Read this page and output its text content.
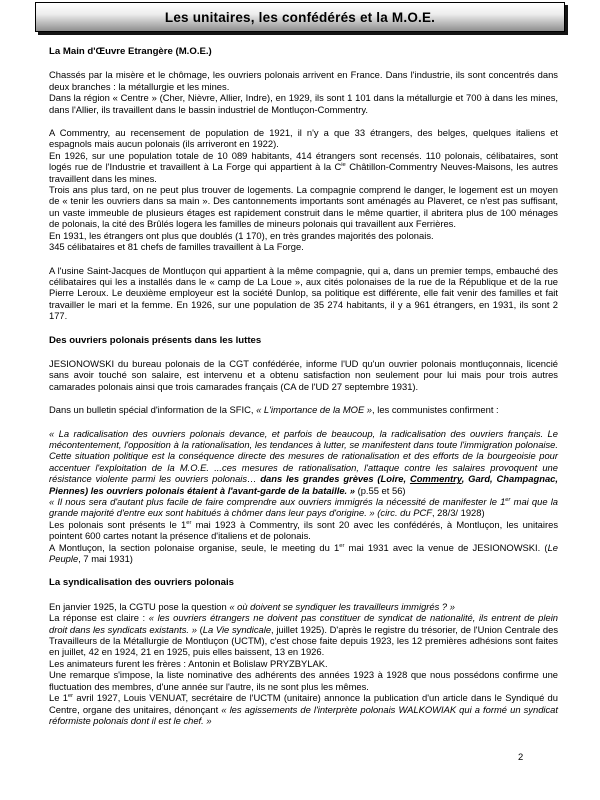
Les unitaires, les confédérés et la M.O.E.
La Main d'Œuvre Etrangère (M.O.E.)
Chassés par la misère et le chômage, les ouvriers polonais arrivent en France. Dans l'industrie, ils sont concentrés dans deux branches : la métallurgie et les mines.
Dans la région « Centre » (Cher, Nièvre, Allier, Indre), en 1929, ils sont 1 101 dans la métallurgie et 700 à dans les mines, dans l'Allier, ils travaillent dans le bassin industriel de Montluçon-Commentry.
A Commentry, au recensement de population de 1921, il n'y a que 33 étrangers, des belges, quelques italiens et espagnols mais aucun polonais (ils arriveront en 1922).
En 1926, sur une population totale de 10 089 habitants, 414 étrangers sont recensés. 110 polonais, célibataires, sont logés rue de l'Industrie et travaillent à La Forge qui appartient à la $C^{ie}$ Châtillon-Commentry Neuves-Maisons, les autres travaillent dans les mines.
Trois ans plus tard, on ne peut plus trouver de logements. La compagnie comprend le danger, le logement est un moyen de « tenir les ouvriers dans sa main ». Des cantonnements importants sont aménagés au Plaveret, ce n'est pas suffisant, un vaste immeuble de plusieurs étages est rapidement construit dans le même quartier, il abritera plus de 100 ménages de polonais, la cité des Brûlés logera les familles de mineurs polonais qui travaillent aux Ferrières.
En 1931, les étrangers ont plus que doublés (1 170), en très grandes majorités des polonais.
345 célibataires et 81 chefs de familles travaillent à La Forge.
A l'usine Saint-Jacques de Montluçon qui appartient à la même compagnie, qui a, dans un premier temps, embauché des célibataires qui les a installés dans le « camp de La Loue », aux cités polonaises de la rue de la République et de la rue Pierre Leroux. Le deuxième employeur est la société Dunlop, sa politique est différente, elle fait venir des familles et fait travailler le mari et la femme. En 1926, sur une population de 35 274 habitants, il y a 961 étrangers, en 1931, ils sont 2 177.
Des ouvriers polonais présents dans les luttes
JESIONOWSKI du bureau polonais de la CGT confédérée, informe l'UD qu'un ouvrier polonais montluçonnais, licencié sans avoir touché son salaire, est intervenu et a obtenu satisfaction non seulement pour lui mais pour trois autres camarades polonais ainsi que trois camarades français (CA de l'UD 27 septembre 1931).
Dans un bulletin spécial d'information de la SFIC, « L'importance de la MOE », les communistes confirment :
« La radicalisation des ouvriers polonais devance, et parfois de beaucoup, la radicalisation des ouvriers français. Le mécontentement, l'opposition à la rationalisation, les tendances à lutter, se manifestent dans toute l'immigration polonaise. Cette situation politique est la conséquence directe des mesures de rationalisation et des efforts de la bourgeoisie pour accentuer l'exploitation de la M.O.E. ...ces mesures de rationalisation, l'attaque contre les salaires provoquent une résistance violente parmi les ouvriers polonais… dans les grandes grèves (Loire, Commentry, Gard, Champagnac, Piennes) les ouvriers polonais étaient à l'avant-garde de la bataille. » (p.55 et 56)
« Il nous sera d'autant plus facile de faire comprendre aux ouvriers immigrés la nécessité de manifester le 1er mai que la grande majorité d'entre eux sont habitués à chômer dans leur pays d'origine. » (circ. du PCF, 28/3/ 1928)
Les polonais sont présents le 1er mai 1923 à Commentry, ils sont 20 avec les confédérés, à Montluçon, les unitaires pointent 600 cartes notant la présence d'italiens et de polonais.
A Montluçon, la section polonaise organise, seule, le meeting du 1er mai 1931 avec la venue de JESIONOWSKI. (Le Peuple, 7 mai 1931)
La syndicalisation des ouvriers polonais
En janvier 1925, la CGTU pose la question « où doivent se syndiquer les travailleurs immigrés ? »
La réponse est claire : « les ouvriers étrangers ne doivent pas constituer de syndicat de nationalité, ils entrent de plein droit dans les syndicats existants. » (La Vie syndicale, juillet 1925). D'après le registre du trésorier, de l'Union Centrale des Travailleurs de la Métallurgie de Montluçon (UCTM), c'est chose faite depuis 1923, les 12 premières adhésions sont faites en juillet, 42 en 1924, 21 en 1925, puis elles baissent, 13 en 1926.
Les animateurs furent les frères : Antonin et Bolislaw PRYZBYLAK.
Une remarque s'impose, la liste nominative des adhérents des années 1923 à 1928 que nous possédons confirme une fluctuation des membres, d'une année sur l'autre, ils ne sont plus les mêmes.
Le 1er avril 1927, Louis VENUAT, secrétaire de l'UCTM (unitaire) annonce la publication d'un article dans le Syndiqué du Centre, organe des unitaires, dénonçant « les agissements de l'interprète polonais WALKOWIAK qui a formé un syndicat réformiste polonais dont il est le chef. »
2
